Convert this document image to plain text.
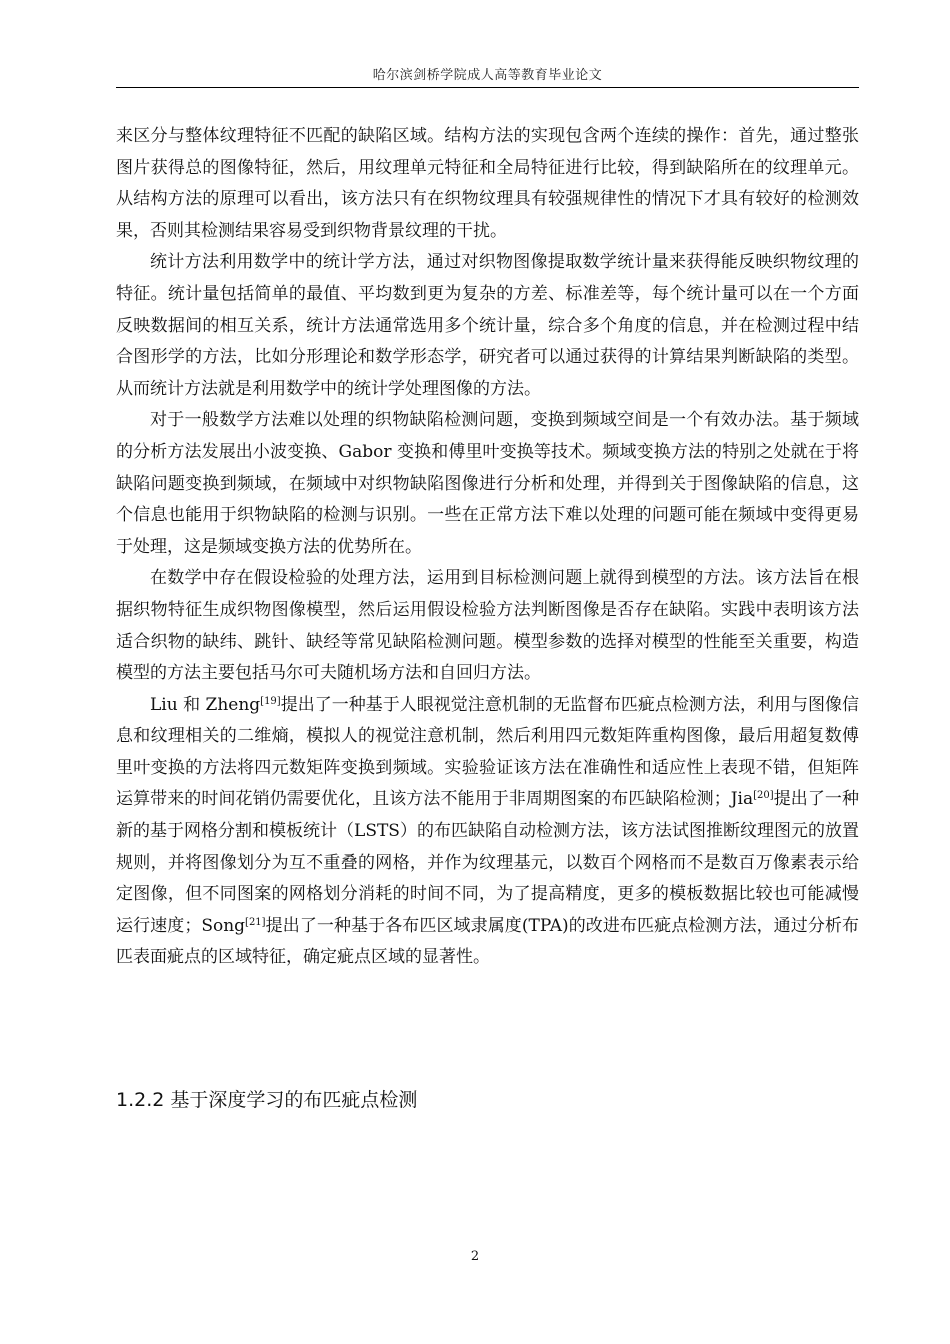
哈尔滨剑桥学院成人高等教育毕业论文

来区分与整体纹理特征不匹配的缺陷区域。结构方法的实现包含两个连续的操作：首先，通过整张图片获得总的图像特征，然后，用纹理单元特征和全局特征进行比较，得到缺陷所在的纹理单元。从结构方法的原理可以看出，该方法只有在织物纹理具有较强规律性的情况下才具有较好的检测效果，否则其检测结果容易受到织物背景纹理的干扰。

统计方法利用数学中的统计学方法，通过对织物图像提取数学统计量来获得能反映织物纹理的特征。统计量包括简单的最值、平均数到更为复杂的方差、标准差等，每个统计量可以在一个方面反映数据间的相互关系，统计方法通常选用多个统计量，综合多个角度的信息，并在检测过程中结合图形学的方法，比如分形理论和数学形态学，研究者可以通过获得的计算结果判断缺陷的类型。从而统计方法就是利用数学中的统计学处理图像的方法。

对于一般数学方法难以处理的织物缺陷检测问题，变换到频域空间是一个有效办法。基于频域的分析方法发展出小波变换、Gabor 变换和傅里叶变换等技术。频域变换方法的特别之处就在于将缺陷问题变换到频域，在频域中对织物缺陷图像进行分析和处理，并得到关于图像缺陷的信息，这个信息也能用于织物缺陷的检测与识别。一些在正常方法下难以处理的问题可能在频域中变得更易于处理，这是频域变换方法的优势所在。

在数学中存在假设检验的处理方法，运用到目标检测问题上就得到模型的方法。该方法旨在根据织物特征生成织物图像模型，然后运用假设检验方法判断图像是否存在缺陷。实践中表明该方法适合织物的缺纬、跳针、缺经等常见缺陷检测问题。模型参数的选择对模型的性能至关重要，构造模型的方法主要包括马尔可夫随机场方法和自回归方法。

Liu 和 Zheng[19]提出了一种基于人眼视觉注意机制的无监督布匹疵点检测方法，利用与图像信息和纹理相关的二维熵，模拟人的视觉注意机制，然后利用四元数矩阵重构图像，最后用超复数傅里叶变换的方法将四元数矩阵变换到频域。实验验证该方法在准确性和适应性上表现不错，但矩阵运算带来的时间花销仍需要优化，且该方法不能用于非周期图案的布匹缺陷检测；Jia[20]提出了一种新的基于网格分割和模板统计（LSTS）的布匹缺陷自动检测方法，该方法试图推断纹理图元的放置规则，并将图像划分为互不重叠的网格，并作为纹理基元，以数百个网格而不是数百万像素表示给定图像，但不同图案的网格划分消耗的时间不同，为了提高精度，更多的模板数据比较也可能减慢运行速度；Song[21]提出了一种基于各布匹区域隶属度(TPA)的改进布匹疵点检测方法，通过分析布匹表面疵点的区域特征，确定疵点区域的显著性。

1.2.2 基于深度学习的布匹疵点检测
2
